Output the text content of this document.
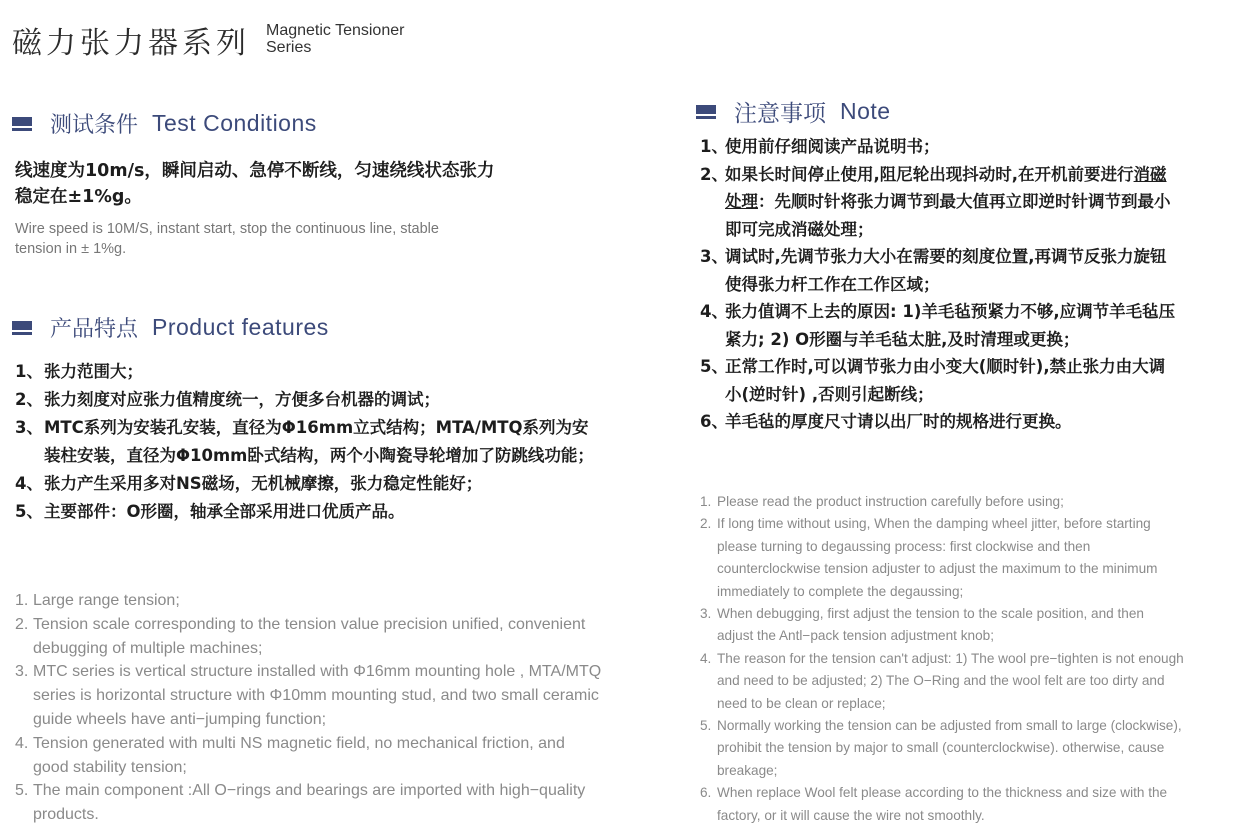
磁力张力器系列 Magnetic Tensioner
Series
测试条件 Test Conditions
线速度为10m/s，瞬间启动、急停不断线，匀速绕线状态张力
稳定在±1%g。
Wire speed is 10M/S, instant start, stop the continuous line, stable
tension in ± 1%g.
产品特点 Product features
1、 张力范围大；
2、 张力刻度对应张力值精度统一，方便多台机器的调试；
3、 MTC系列为安装孔安装，直径为Φ16mm立式结构；MTA/MTQ系列为安
装柱安装，直径为Φ10mm卧式结构，两个小陶瓷导轮增加了防跳线功能；
4、 张力产生采用多对NS磁场，无机械摩擦，张力稳定性能好；
5、 主要部件：O形圈，轴承全部采用进口优质产品。
1. Large range tension;
2. Tension scale corresponding to the tension value precision unified, convenient
debugging of multiple machines;
3. MTC series is vertical structure installed with Φ16mm mounting hole , MTA/MTQ
series is horizontal structure with Φ10mm mounting stud, and two small ceramic
guide wheels have anti−jumping function;
4. Tension generated with multi NS magnetic field, no mechanical friction, and
good stability tension;
5. The main component :All O−rings and bearings are imported with high−quality
products.
注意事项 Note
1、
使用前仔细阅读产品说明书；
2、
如果长时间停止使用,阻尼轮出现抖动时,在开机前要进行消磁
处理：先顺时针将张力调节到最大值再立即逆时针调节到最小
即可完成消磁处理；
3、
调试时,先调节张力大小在需要的刻度位置,再调节反张力旋钮
使得张力杆工作在工作区域；
4、
张力值调不上去的原因: 1)羊毛毡预紧力不够,应调节羊毛毡压
紧力; 2) O形圈与羊毛毡太脏,及时清理或更换；
5、
正常工作时,可以调节张力由小变大(顺时针),禁止张力由大调
小(逆时针) ,否则引起断线；
6、
羊毛毡的厚度尺寸请以出厂时的规格进行更换。
1. Please read the product instruction carefully before using;
2. If long time without using, When the damping wheel jitter, before starting
please turning to degaussing process: first clockwise and then
counterclockwise tension adjuster to adjust the maximum to the minimum
immediately to complete the degaussing;
3. When debugging, first adjust the tension to the scale position, and then
adjust the Antl−pack tension adjustment knob;
4. The reason for the tension can't adjust: 1) The wool pre−tighten is not enough
and need to be adjusted; 2) The O−Ring and the wool felt are too dirty and
need to be clean or replace;
5. Normally working the tension can be adjusted from small to large (clockwise),
prohibit the tension by major to small (counterclockwise). otherwise, cause
breakage;
6. When replace Wool felt please according to the thickness and size with the
factory, or it will cause the wire not smoothly.
